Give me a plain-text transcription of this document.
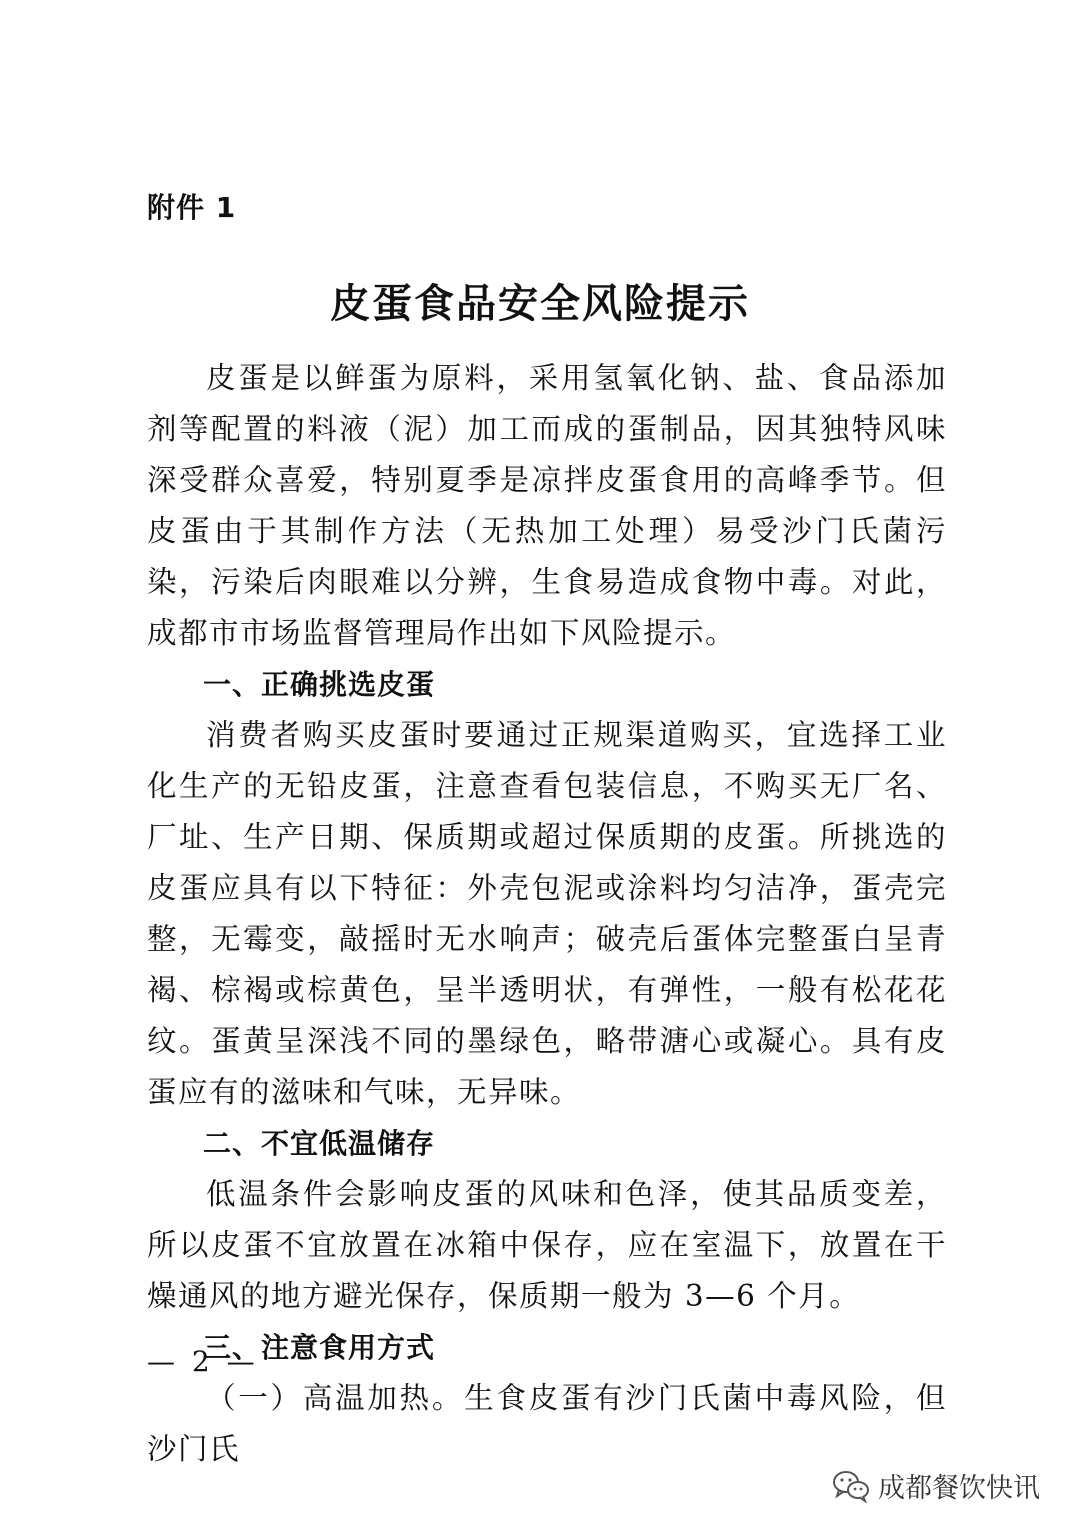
附件 1
皮蛋食品安全风险提示

皮蛋是以鲜蛋为原料，采用氢氧化钠、盐、食品添加剂等配置的料液（泥）加工而成的蛋制品，因其独特风味深受群众喜爱，特别夏季是凉拌皮蛋食用的高峰季节。但皮蛋由于其制作方法（无热加工处理）易受沙门氏菌污染，污染后肉眼难以分辨，生食易造成食物中毒。对此，成都市市场监督管理局作出如下风险提示。

一、正确挑选皮蛋

消费者购买皮蛋时要通过正规渠道购买，宜选择工业化生产的无铅皮蛋，注意查看包装信息，不购买无厂名、厂址、生产日期、保质期或超过保质期的皮蛋。所挑选的皮蛋应具有以下特征：外壳包泥或涂料均匀洁净，蛋壳完整，无霉变，敲摇时无水响声；破壳后蛋体完整蛋白呈青褐、棕褐或棕黄色，呈半透明状，有弹性，一般有松花花纹。蛋黄呈深浅不同的墨绿色，略带溏心或凝心。具有皮蛋应有的滋味和气味，无异味。

二、不宜低温储存

低温条件会影响皮蛋的风味和色泽，使其品质变差，所以皮蛋不宜放置在冰箱中保存，应在室温下，放置在干燥通风的地方避光保存，保质期一般为 3—6 个月。

三、注意食用方式

（一）高温加热。生食皮蛋有沙门氏菌中毒风险，但沙门氏

— 2 —
成都餐饮快讯
